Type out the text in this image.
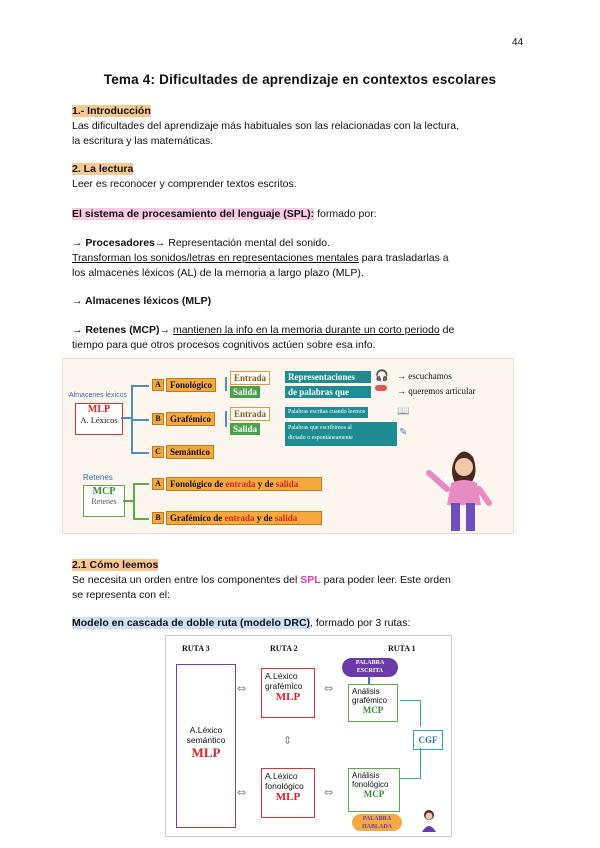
44
Tema 4: Dificultades de aprendizaje en contextos escolares
1.- Introducción
Las dificultades del aprendizaje más habituales son las relacionadas con la lectura,
la escritura y las matemáticas.
2. La lectura
Leer es reconocer y comprender textos escritos.
El sistema de procesamiento del lenguaje (SPL): formado por:
→ Procesadores→ Representación mental del sonido.
Transforman los sonidos/letras en representaciones mentales para trasladarlas a
los almacenes léxicos (AL) de la memoria a largo plazo (MLP).
→ Almacenes léxicos (MLP)
→ Retenes (MCP)→ mantienen la info en la memoria durante un corto periodo de
tiempo para que otros procesos cognitivos actúen sobre esa info.
Almacenes léxicos
MLP
A. Léxicos
A	Fonológico
B	Grafémico
C	Semántico
Entrada
Salida
Entrada
Salida
Representaciones
de palabras que
🎧 → escuchamos
→ queremos articular
Palabras escritas cuando leemos	📖
Palabras que escribimos al
dictado o espontáneamente	✎
Retenes
MCP
Retenes
A	Fonológico de entrada y de salida
B	Grafémico de entrada y de salida
2.1 Cómo leemos
Se necesita un orden entre los componentes del SPL para poder leer. Este orden
se representa con el:
Modelo en cascada de doble ruta (modelo DRC), formado por 3 rutas:
RUTA 3	RUTA 2	RUTA 1
PALABRA
ESCRITA
A.Léxico
semántico
MLP
A.Léxico
grafémico
MLP	Análisis
grafémico
MCP
CGF
A.Léxico
fonológico
MLP
Análisis
fonológico
MCP
PALABRA
HABLADA
⇔
⇔
⇔
⇔
⇕
